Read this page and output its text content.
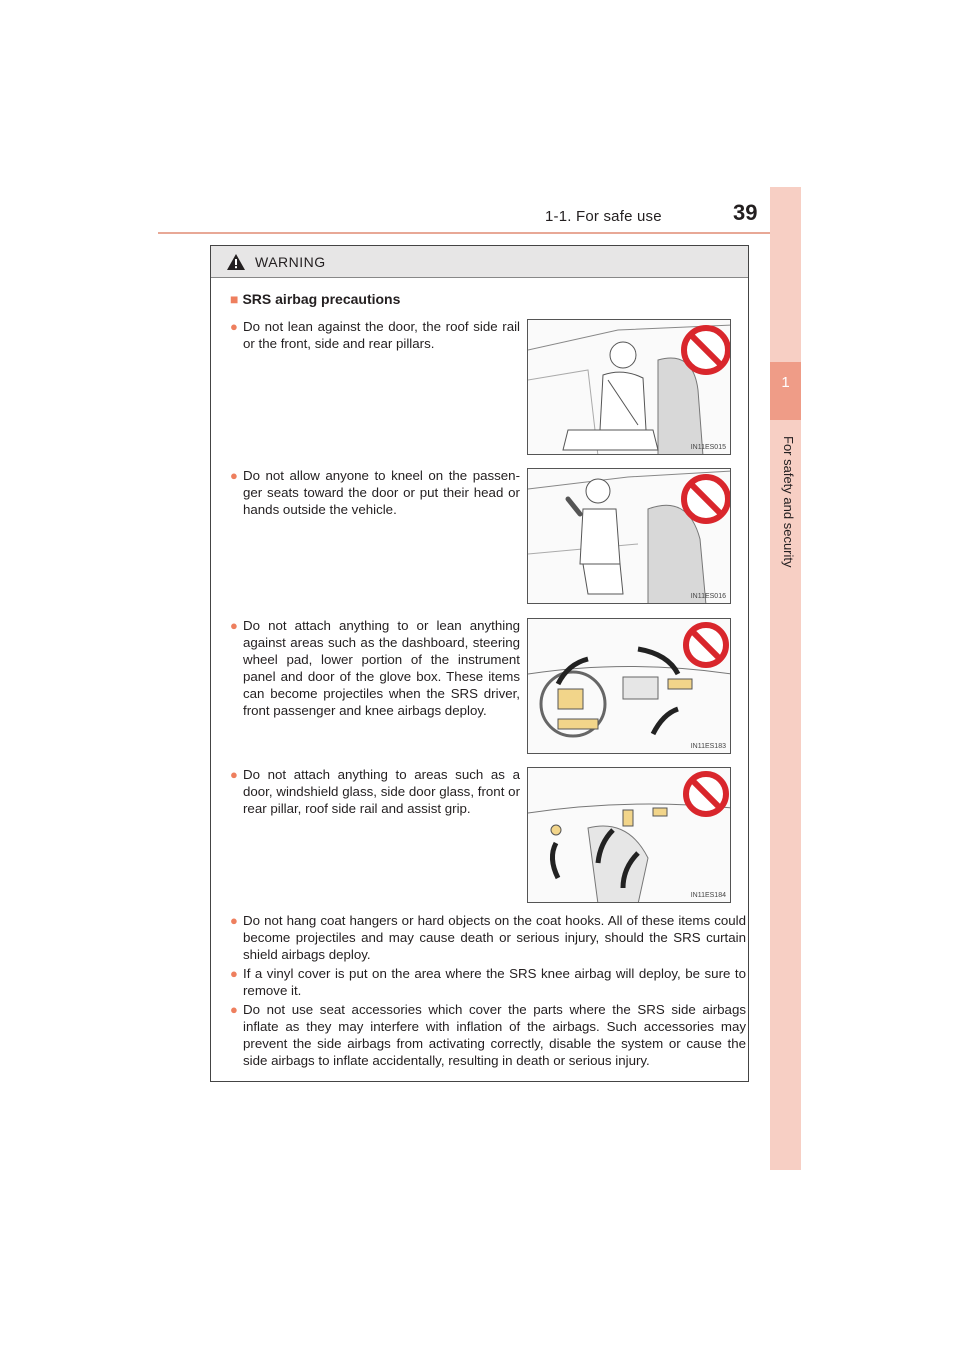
1-1. For safe use	39
1
For safety and security
WARNING
■ SRS airbag precautions
● Do not lean against the door, the roof side rail or the front, side and rear pillars.
IN11ES015
● Do not allow anyone to kneel on the passen- ger seats toward the door or put their head or hands outside the vehicle.
IN11ES016
● Do not attach anything to or lean anything against areas such as the dashboard, steering wheel pad, lower portion of the instrument panel and door of the glove box. These items can become projectiles when the SRS driver, front passenger and knee airbags deploy.
IN11ES183
● Do not attach anything to areas such as a door, windshield glass, side door glass, front or rear pillar, roof side rail and assist grip.
IN11ES184
● Do not hang coat hangers or hard objects on the coat hooks. All of these items could become projectiles and may cause death or serious injury, should the SRS curtain shield airbags deploy.
● If a vinyl cover is put on the area where the SRS knee airbag will deploy, be sure to remove it.
● Do not use seat accessories which cover the parts where the SRS side airbags inflate as they may interfere with inflation of the airbags. Such accessories may prevent the side airbags from activating correctly, disable the system or cause the side airbags to inflate accidentally, resulting in death or serious injury.
